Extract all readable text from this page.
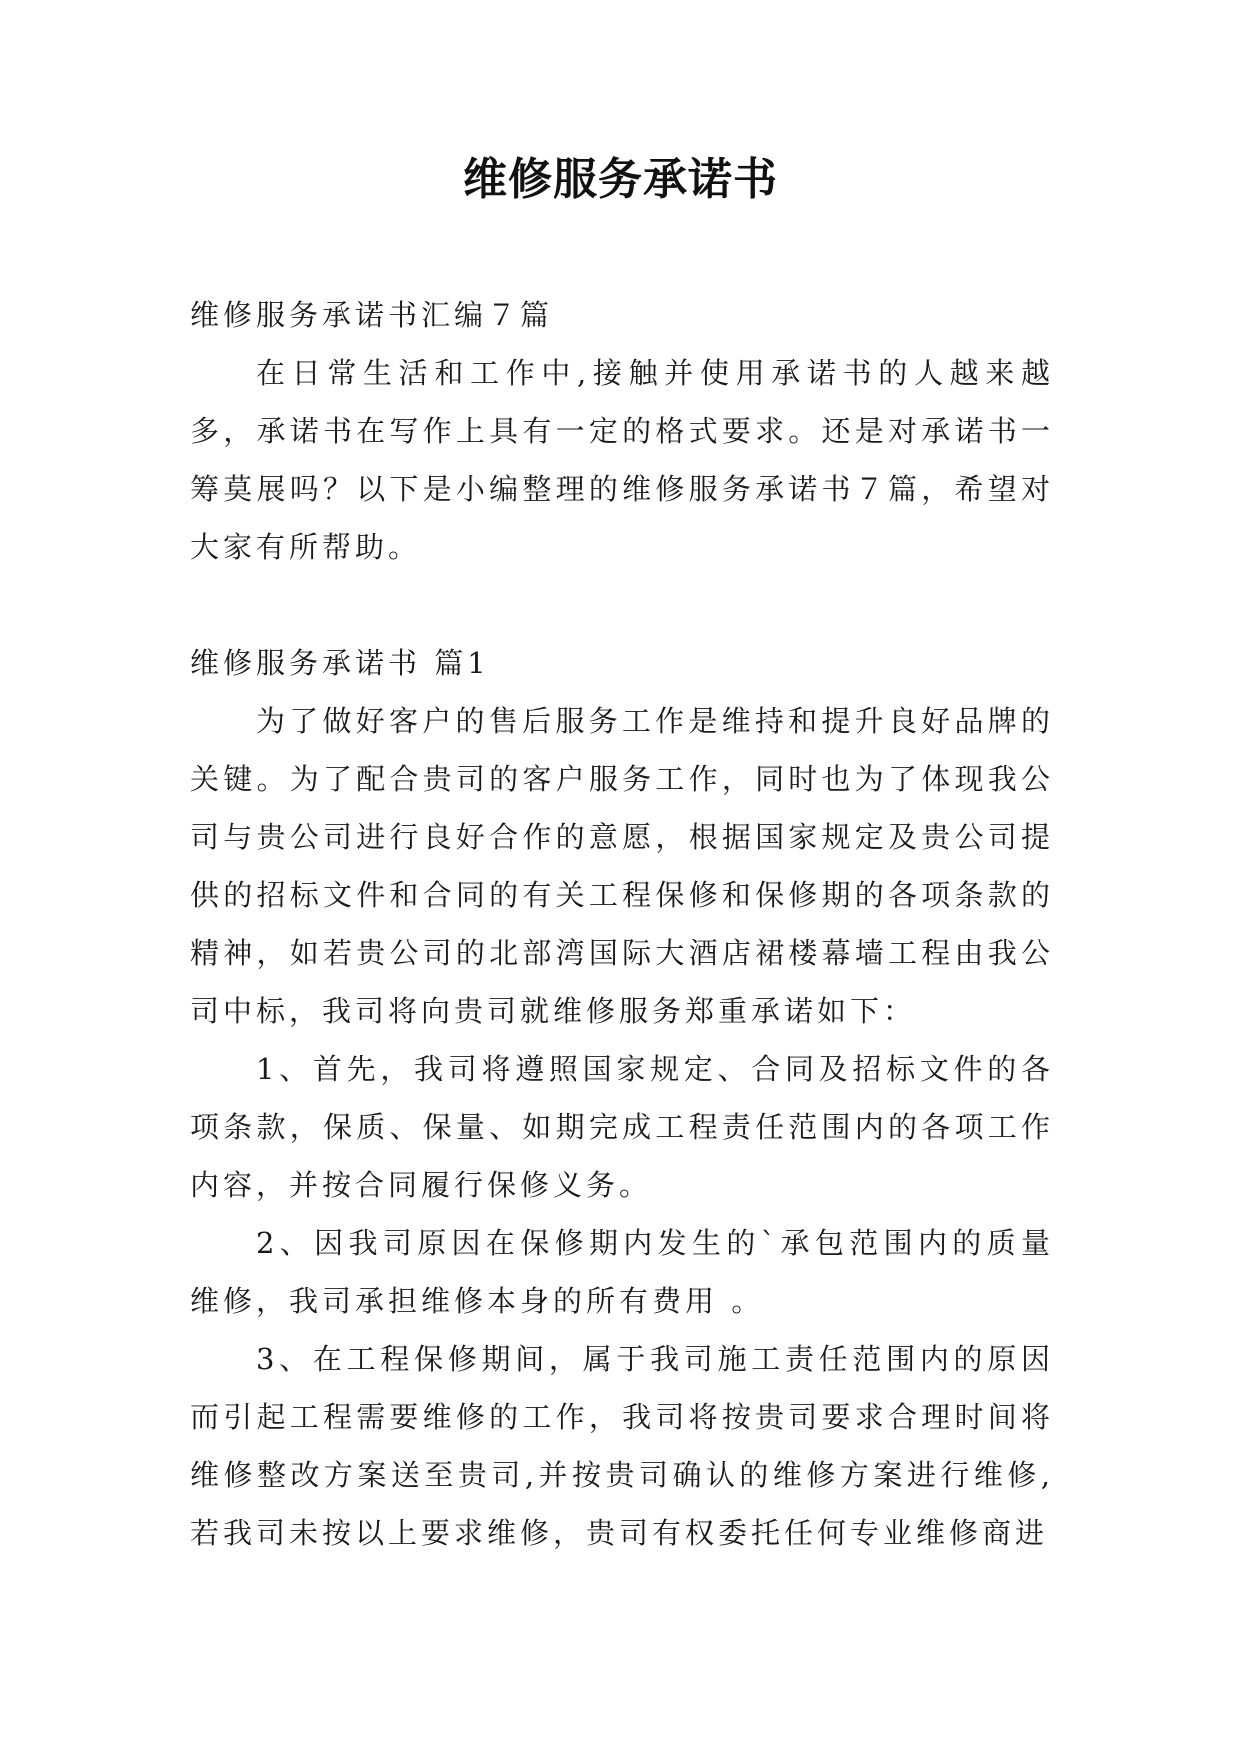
维修服务承诺书

维修服务承诺书汇编７篇

在日常生活和工作中,接触并使用承诺书的人越来越多，承诺书在写作上具有一定的格式要求。还是对承诺书一筹莫展吗？以下是小编整理的维修服务承诺书７篇，希望对大家有所帮助。

维修服务承诺书 篇1

为了做好客户的售后服务工作是维持和提升良好品牌的关键。为了配合贵司的客户服务工作，同时也为了体现我公司与贵公司进行良好合作的意愿，根据国家规定及贵公司提供的招标文件和合同的有关工程保修和保修期的各项条款的精神，如若贵公司的北部湾国际大酒店裙楼幕墙工程由我公司中标，我司将向贵司就维修服务郑重承诺如下：

1、首先，我司将遵照国家规定、合同及招标文件的各项条款，保质、保量、如期完成工程责任范围内的各项工作内容，并按合同履行保修义务。

2、因我司原因在保修期内发生的`承包范围内的质量维修，我司承担维修本身的所有费用 。

3、在工程保修期间，属于我司施工责任范围内的原因而引起工程需要维修的工作，我司将按贵司要求合理时间将维修整改方案送至贵司,并按贵司确认的维修方案进行维修,若我司未按以上要求维修，贵司有权委托任何专业维修商进
